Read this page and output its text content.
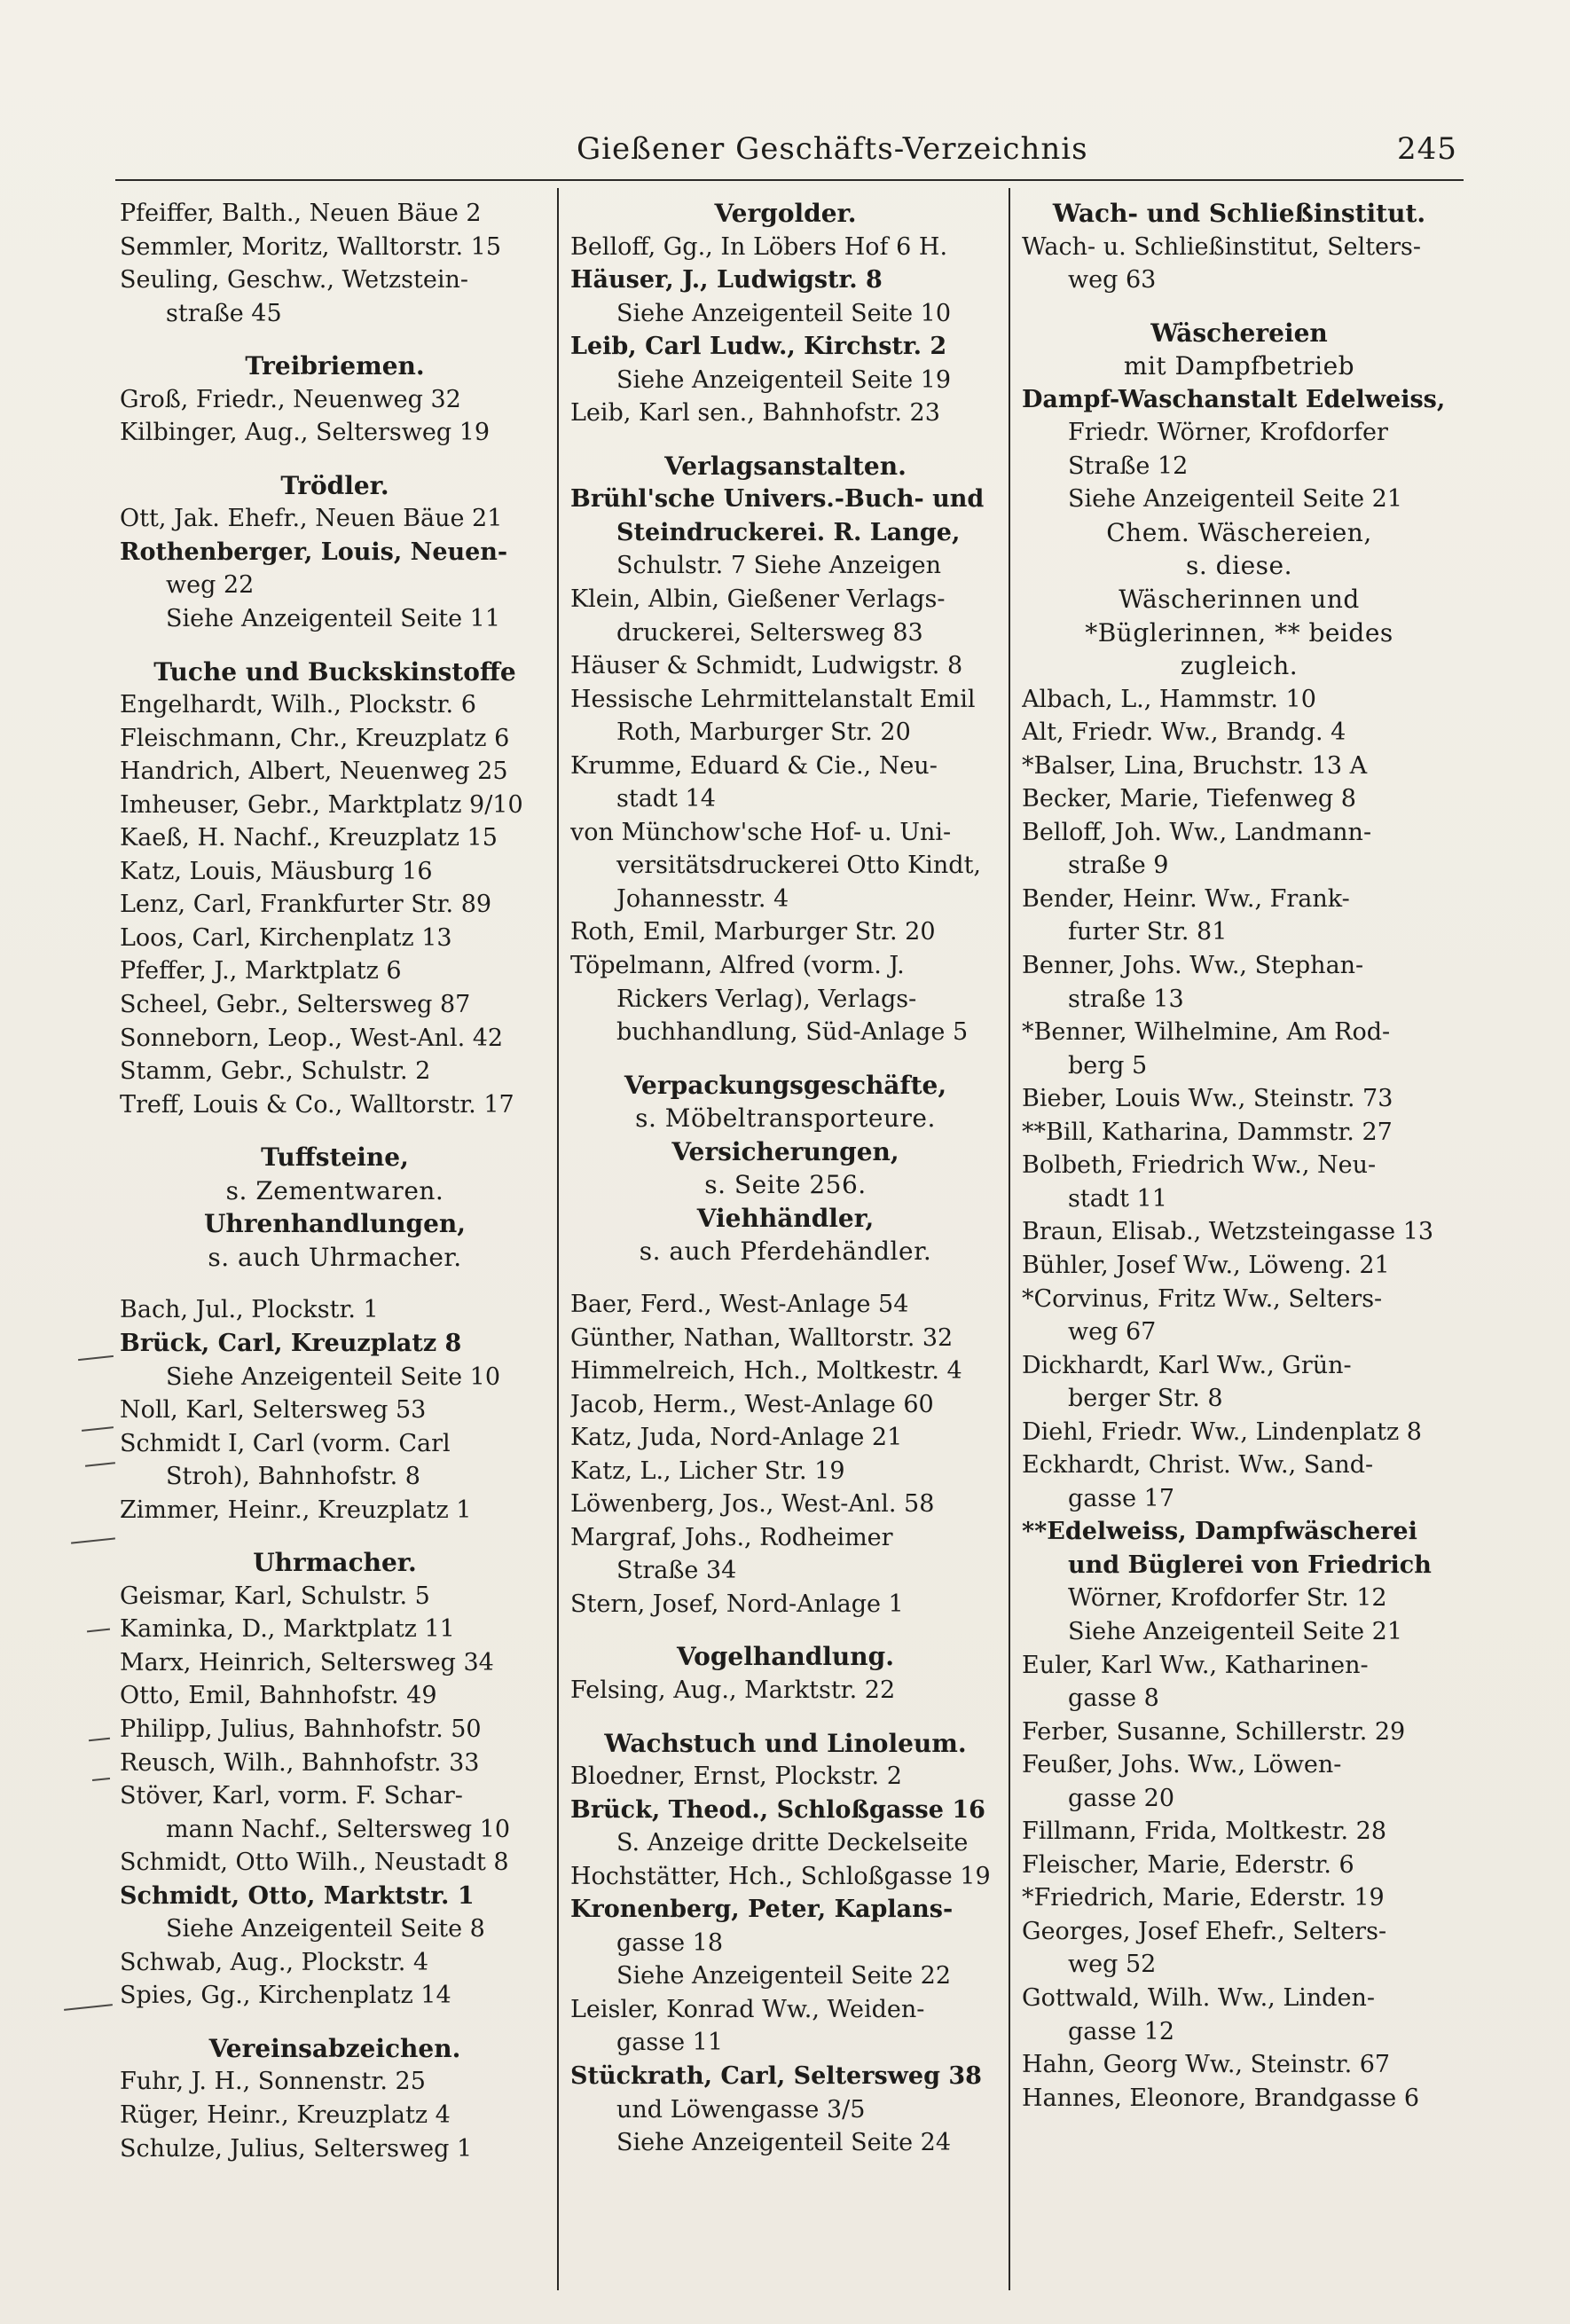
Gießener Geschäfts-Verzeichnis	245
Pfeiffer, Balth., Neuen Bäue 2
Semmler, Moritz, Walltorstr. 15
Seuling, Geschw., Wetzstein-
straße 45
Treibriemen.
Groß, Friedr., Neuenweg 32
Kilbinger, Aug., Seltersweg 19
Trödler.
Ott, Jak. Ehefr., Neuen Bäue 21
Rothenberger, Louis, Neuen-
weg 22
Siehe Anzeigenteil Seite 11
Tuche und Buckskinstoffe
Engelhardt, Wilh., Plockstr. 6
Fleischmann, Chr., Kreuzplatz 6
Handrich, Albert, Neuenweg 25
Imheuser, Gebr., Marktplatz 9/10
Kaeß, H. Nachf., Kreuzplatz 15
Katz, Louis, Mäusburg 16
Lenz, Carl, Frankfurter Str. 89
Loos, Carl, Kirchenplatz 13
Pfeffer, J., Marktplatz 6
Scheel, Gebr., Seltersweg 87
Sonneborn, Leop., West-Anl. 42
Stamm, Gebr., Schulstr. 2
Treff, Louis & Co., Walltorstr. 17
Tuffsteine,
s. Zementwaren.
Uhrenhandlungen,
s. auch Uhrmacher.
Bach, Jul., Plockstr. 1
Brück, Carl, Kreuzplatz 8
Siehe Anzeigenteil Seite 10
Noll, Karl, Seltersweg 53
Schmidt I, Carl (vorm. Carl
Stroh), Bahnhofstr. 8
Zimmer, Heinr., Kreuzplatz 1
Uhrmacher.
Geismar, Karl, Schulstr. 5
Kaminka, D., Marktplatz 11
Marx, Heinrich, Seltersweg 34
Otto, Emil, Bahnhofstr. 49
Philipp, Julius, Bahnhofstr. 50
Reusch, Wilh., Bahnhofstr. 33
Stöver, Karl, vorm. F. Schar-
mann Nachf., Seltersweg 10
Schmidt, Otto Wilh., Neustadt 8
Schmidt, Otto, Marktstr. 1
Siehe Anzeigenteil Seite 8
Schwab, Aug., Plockstr. 4
Spies, Gg., Kirchenplatz 14
Vereinsabzeichen.
Fuhr, J. H., Sonnenstr. 25
Rüger, Heinr., Kreuzplatz 4
Schulze, Julius, Seltersweg 1
Vergolder.
Belloff, Gg., In Löbers Hof 6 H.
Häuser, J., Ludwigstr. 8
Siehe Anzeigenteil Seite 10
Leib, Carl Ludw., Kirchstr. 2
Siehe Anzeigenteil Seite 19
Leib, Karl sen., Bahnhofstr. 23
Verlagsanstalten.
Brühl'sche Univers.-Buch- und
Steindruckerei. R. Lange,
Schulstr. 7 Siehe Anzeigen
Klein, Albin, Gießener Verlags-
druckerei, Seltersweg 83
Häuser & Schmidt, Ludwigstr. 8
Hessische Lehrmittelanstalt Emil
Roth, Marburger Str. 20
Krumme, Eduard & Cie., Neu-
stadt 14
von Münchow'sche Hof- u. Uni-
versitätsdruckerei Otto Kindt,
Johannesstr. 4
Roth, Emil, Marburger Str. 20
Töpelmann, Alfred (vorm. J.
Rickers Verlag), Verlags-
buchhandlung, Süd-Anlage 5
Verpackungsgeschäfte,
s. Möbeltransporteure.
Versicherungen,
s. Seite 256.
Viehhändler,
s. auch Pferdehändler.
Baer, Ferd., West-Anlage 54
Günther, Nathan, Walltorstr. 32
Himmelreich, Hch., Moltkestr. 4
Jacob, Herm., West-Anlage 60
Katz, Juda, Nord-Anlage 21
Katz, L., Licher Str. 19
Löwenberg, Jos., West-Anl. 58
Margraf, Johs., Rodheimer
Straße 34
Stern, Josef, Nord-Anlage 1
Vogelhandlung.
Felsing, Aug., Marktstr. 22
Wachstuch und Linoleum.
Bloedner, Ernst, Plockstr. 2
Brück, Theod., Schloßgasse 16
S. Anzeige dritte Deckelseite
Hochstätter, Hch., Schloßgasse 19
Kronenberg, Peter, Kaplans-
gasse 18
Siehe Anzeigenteil Seite 22
Leisler, Konrad Ww., Weiden-
gasse 11
Stückrath, Carl, Seltersweg 38
und Löwengasse 3/5
Siehe Anzeigenteil Seite 24
Wach- und Schließinstitut.
Wach- u. Schließinstitut, Selters-
weg 63
Wäschereien
mit Dampfbetrieb
Dampf-Waschanstalt Edelweiss,
Friedr. Wörner, Krofdorfer
Straße 12
Siehe Anzeigenteil Seite 21
Chem. Wäschereien,
s. diese.
Wäscherinnen und
*Büglerinnen, ** beides
zugleich.
Albach, L., Hammstr. 10
Alt, Friedr. Ww., Brandg. 4
*Balser, Lina, Bruchstr. 13 A
Becker, Marie, Tiefenweg 8
Belloff, Joh. Ww., Landmann-
straße 9
Bender, Heinr. Ww., Frank-
furter Str. 81
Benner, Johs. Ww., Stephan-
straße 13
*Benner, Wilhelmine, Am Rod-
berg 5
Bieber, Louis Ww., Steinstr. 73
**Bill, Katharina, Dammstr. 27
Bolbeth, Friedrich Ww., Neu-
stadt 11
Braun, Elisab., Wetzsteingasse 13
Bühler, Josef Ww., Löweng. 21
*Corvinus, Fritz Ww., Selters-
weg 67
Dickhardt, Karl Ww., Grün-
berger Str. 8
Diehl, Friedr. Ww., Lindenplatz 8
Eckhardt, Christ. Ww., Sand-
gasse 17
**Edelweiss, Dampfwäscherei
und Büglerei von Friedrich
Wörner, Krofdorfer Str. 12
Siehe Anzeigenteil Seite 21
Euler, Karl Ww., Katharinen-
gasse 8
Ferber, Susanne, Schillerstr. 29
Feußer, Johs. Ww., Löwen-
gasse 20
Fillmann, Frida, Moltkestr. 28
Fleischer, Marie, Ederstr. 6
*Friedrich, Marie, Ederstr. 19
Georges, Josef Ehefr., Selters-
weg 52
Gottwald, Wilh. Ww., Linden-
gasse 12
Hahn, Georg Ww., Steinstr. 67
Hannes, Eleonore, Brandgasse 6
